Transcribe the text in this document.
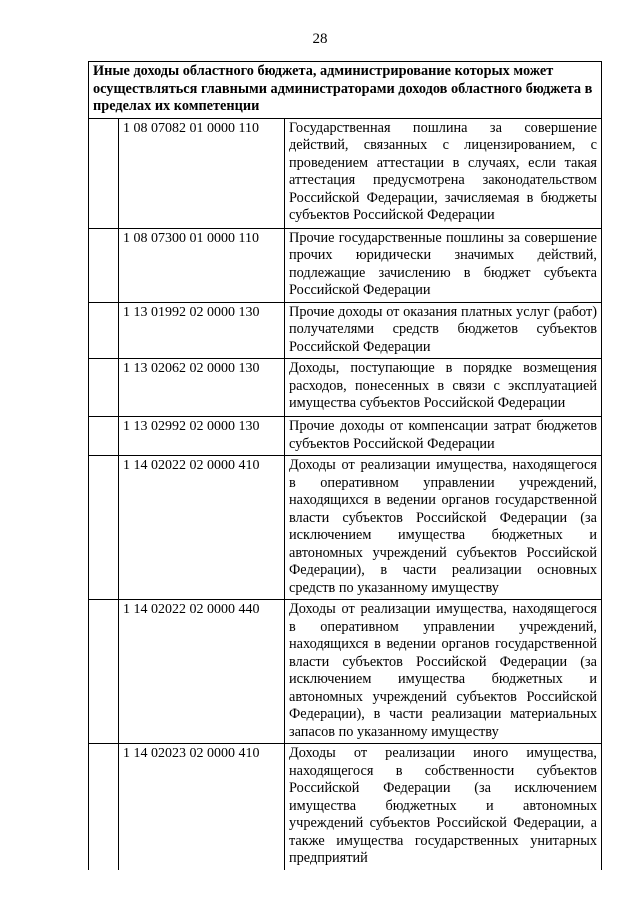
28
Иные доходы областного бюджета, администрирование которых может осуществляться главными администраторами доходов областного бюджета в пределах их компетенции		
	1 08 07082 01 0000 110	Государственная пошлина за совершение действий, связанных с лицензированием, с проведением аттестации в случаях, если такая аттестация предусмотрена законодательством Российской Федерации, зачисляемая в бюджеты субъектов Российской Федерации
	1 08 07300 01 0000 110	Прочие государственные пошлины за совершение прочих юридически значимых действий, подлежащие зачислению в бюджет субъекта Российской Федерации
	1 13 01992 02 0000 130	Прочие доходы от оказания платных услуг (работ) получателями средств бюджетов субъектов Российской Федерации
	1 13 02062 02 0000 130	Доходы, поступающие в порядке возмещения расходов, понесенных в связи с эксплуатацией имущества субъектов Российской Федерации
	1 13 02992 02 0000 130	Прочие доходы от компенсации затрат бюджетов субъектов Российской Федерации
	1 14 02022 02 0000 410	Доходы от реализации имущества, находящегося в оперативном управлении учреждений, находящихся в ведении органов государственной власти субъектов Российской Федерации (за исключением имущества бюджетных и автономных учреждений субъектов Российской Федерации), в части реализации основных средств по указанному имуществу
	1 14 02022 02 0000 440	Доходы от реализации имущества, находящегося в оперативном управлении учреждений, находящихся в ведении органов государственной власти субъектов Российской Федерации (за исключением имущества бюджетных и автономных учреждений субъектов Российской Федерации), в части реализации материальных запасов по указанному имуществу
	1 14 02023 02 0000 410	Доходы от реализации иного имущества, находящегося в собственности субъектов Российской Федерации (за исключением имущества бюджетных и автономных учреждений субъектов Российской Федерации, а также имущества государственных унитарных предприятий
